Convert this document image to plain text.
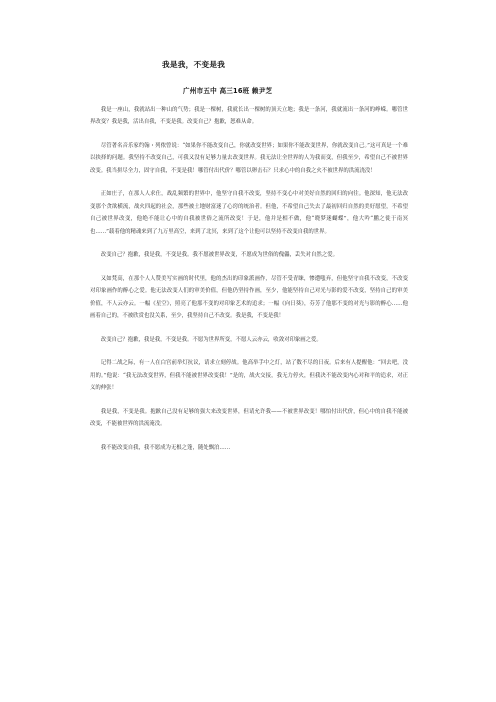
我是我，不变是我
广州市五中 高三16班 赖尹芝

我是一座山，我就站出一种山的气势；我是一棵树，我就长出一棵树的顶天立地；我是一条河，我就流出一条河的峥嵘。哪管世界改变？我是我，活出自我，不变是我。改变自己？抱歉，恕难从命。

尽管著名音乐家约翰・列侬曾说：“如果你不能改变自己，你就改变世界；如果你不能改变世界，你就改变自己。”这可真是一个难以抉择的问题。我坚持不改变自己，可我又没有足够力量去改变世界。我无法让全世界的人为我而变，但我至少，希望自己不被世界改变。我当拼尽全力，固守自我，不变是我！哪管付出代价？哪管以卵击石？只求心中的自我之火不被世界的洪流浇没！

正如庄子，在那人人求仕，战乱频繁的世界中，他坚守自我不改变，坚持不变心中对美好自然的回归的向往。他深知，他无法改变那个贪欲横流，战火四起的社会，那些被土地财富迷了心窍的统治者。但他，不希望自己失去了最初回归自然的美好愿望，不希望自己被世界改变，他绝不能让心中的自我被世俗之流所改变！于是，他并是相不做，他“晓梦迷蝴蝶”，他大吟“鹏之徙于南冥也……”载着他的精魂来到了九万里高空，来到了北冥，来到了这个让他可以坚持不改变自我的世界。

改变自己？抱歉，我是我，不变是我。我不愿被世界改变，不愿成为世俗的傀儡，丢失对自然之爱。

又如梵高，在那个人人赞美写实画的时代里，他的杰出的印象派画作，尽管不受青睐，惨遭嗤弃，但他坚守自我不改变，不改变对印象画作的醉心之爱。他无法改变人们的审美价值，但他仍坚持作画，至少，他能坚持自己对光与影的爱不改变，坚持自己的审美价值，不人云亦云。一幅《星空》，照亮了他那不变的对印象艺术的追求；一幅《向日葵》，芬芳了他那不变的对光与影的醉心……他画着自己的，不被欣赏也没关系，至少，我坚持自己不改变。我是我，不变是我！

改变自己？抱歉，我是我，不变是我。不愿为世界所变，不愿人云亦云，收敛对印象画之爱。

记得二战之际，有一人在白宫前举灯抗议，请求立刻停战。他高举手中之灯，站了数不尽的日夜。后来有人提醒他：“回去吧，没用的。”他说：“我无法改变世界，但我不能被世界改变我！”是的，战火交接，我无力停火，但我决不能改变内心对和平的追求，对正义的伸张！

我是我，不变是我。抱歉自己没有足够的强大来改变世界，但请允许我——不被世界改变！哪怕付出代价，但心中的自我不能被改变，不能被世界的洪流淹没。

我不能改变自我，我不愿成为无根之蓬，随处飘泊……
